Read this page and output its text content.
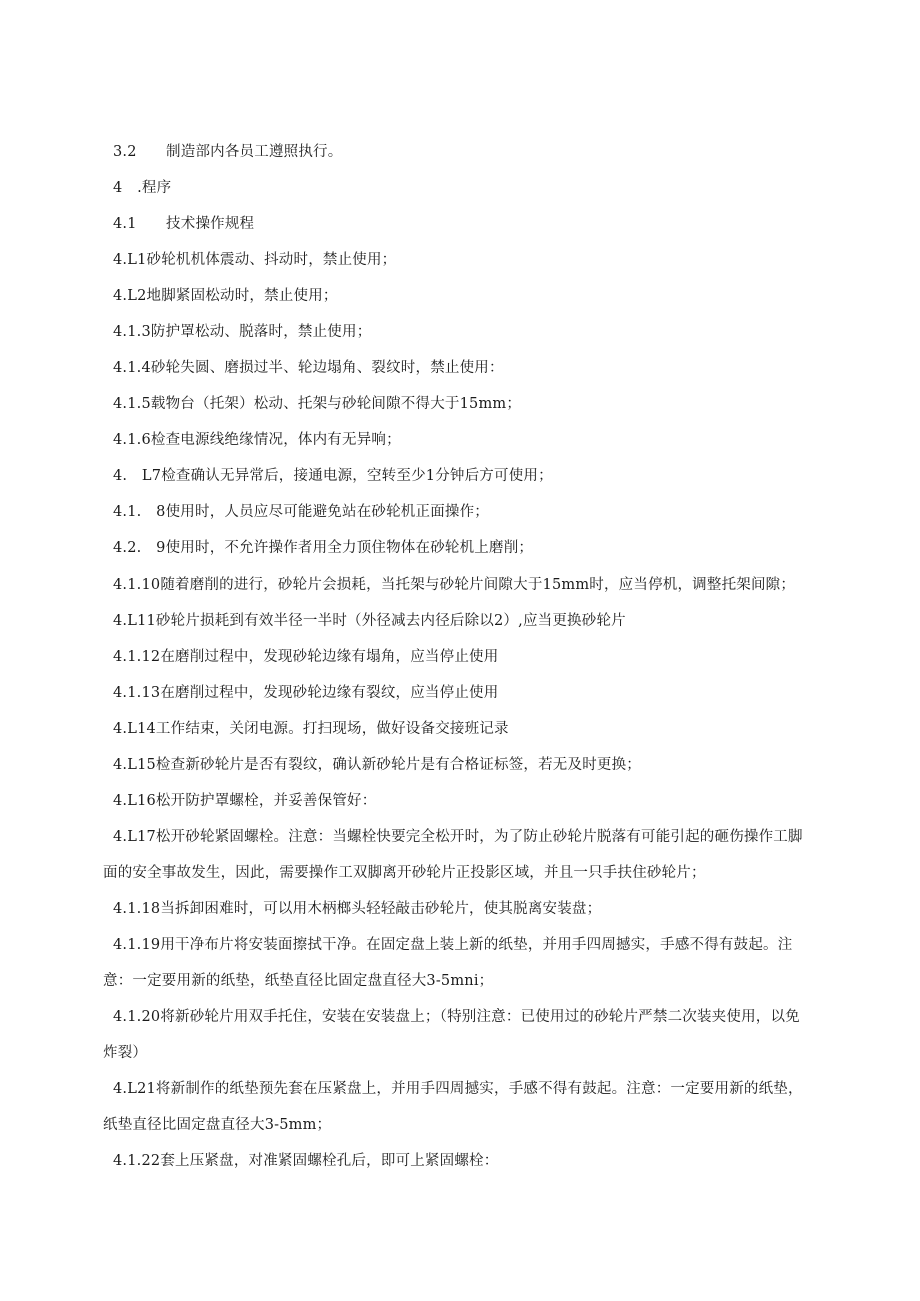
3.2　　制造部内各员工遵照执行。
4　.程序
4.1　　技术操作规程
4.L1砂轮机机体震动、抖动时，禁止使用；
4.L2地脚紧固松动时，禁止使用；
4.1.3防护罩松动、脱落时，禁止使用；
4.1.4砂轮失圆、磨损过半、轮边塌角、裂纹时，禁止使用：
4.1.5载物台（托架）松动、托架与砂轮间隙不得大于15mm；
4.1.6检查电源线绝缘情况，体内有无异响；
4.　L7检查确认无异常后，接通电源，空转至少1分钟后方可使用；
4.1.　8使用时，人员应尽可能避免站在砂轮机正面操作；
4.2.　9使用时，不允许操作者用全力顶住物体在砂轮机上磨削；
4.1.10随着磨削的进行，砂轮片会损耗，当托架与砂轮片间隙大于15mm时，应当停机，调整托架间隙；
4.L11砂轮片损耗到有效半径一半时（外径减去内径后除以2）,应当更换砂轮片
4.1.12在磨削过程中，发现砂轮边缘有塌角，应当停止使用
4.1.13在磨削过程中，发现砂轮边缘有裂纹，应当停止使用
4.L14工作结束，关闭电源。打扫现场，做好设备交接班记录
4.L15检查新砂轮片是否有裂纹，确认新砂轮片是有合格证标签，若无及时更换；
4.L16松开防护罩螺栓，并妥善保管好：
4.L17松开砂轮紧固螺栓。注意：当螺栓快要完全松开时，为了防止砂轮片脱落有可能引起的砸伤操作工脚
面的安全事故发生，因此，需要操作工双脚离开砂轮片正投影区域，并且一只手扶住砂轮片；
4.1.18当拆卸困难时，可以用木柄榔头轻轻敲击砂轮片，使其脱离安装盘；
4.1.19用干净布片将安装面擦拭干净。在固定盘上装上新的纸垫，并用手四周撼实，手感不得有鼓起。注
意：一定要用新的纸垫，纸垫直径比固定盘直径大3-5mni；
4.1.20将新砂轮片用双手托住，安装在安装盘上；（特别注意：已使用过的砂轮片严禁二次装夹使用，以免
炸裂）
4.L21将新制作的纸垫预先套在压紧盘上，并用手四周撼实，手感不得有鼓起。注意：一定要用新的纸垫，
纸垫直径比固定盘直径大3-5mm；
4.1.22套上压紧盘，对准紧固螺栓孔后，即可上紧固螺栓：
